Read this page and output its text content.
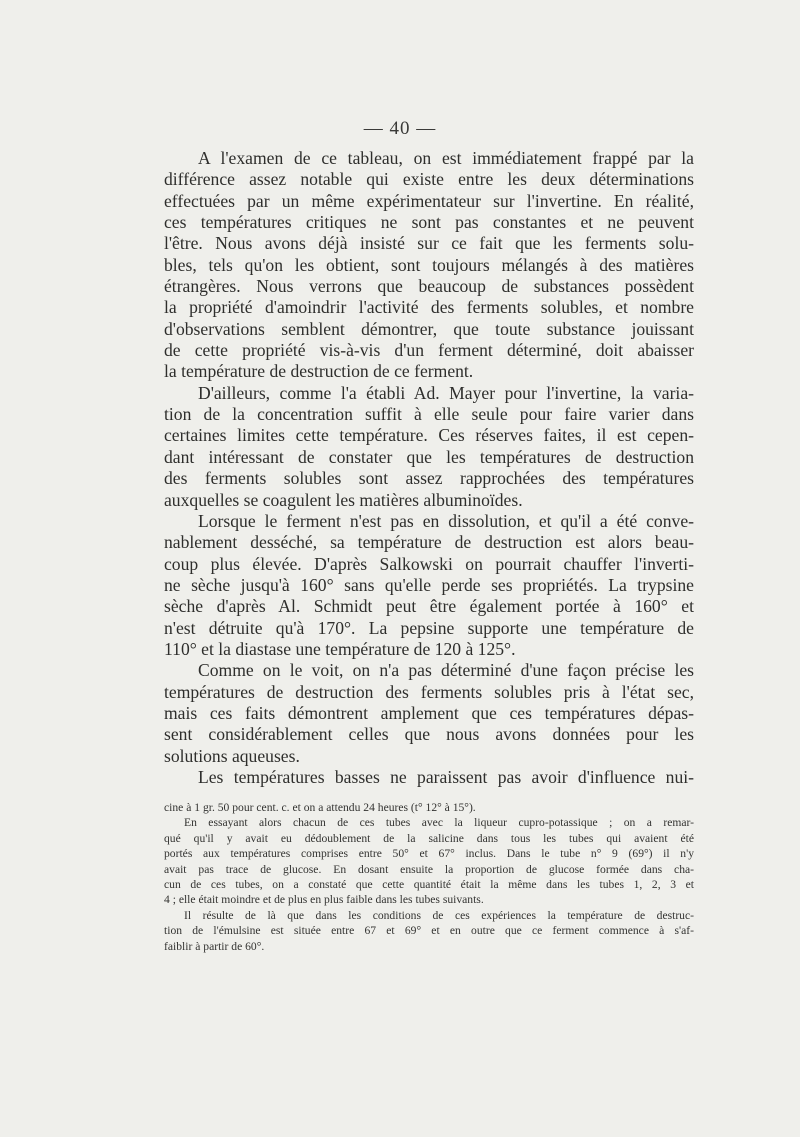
— 40 —
A l'examen de ce tableau, on est immédiatement frappé par la
différence assez notable qui existe entre les deux déterminations
effectuées par un même expérimentateur sur l'invertine. En réalité,
ces températures critiques ne sont pas constantes et ne peuvent
l'être. Nous avons déjà insisté sur ce fait que les ferments solu-
bles, tels qu'on les obtient, sont toujours mélangés à des matières
étrangères. Nous verrons que beaucoup de substances possèdent
la propriété d'amoindrir l'activité des ferments solubles, et nombre
d'observations semblent démontrer, que toute substance jouissant
de cette propriété vis-à-vis d'un ferment déterminé, doit abaisser
la température de destruction de ce ferment.
D'ailleurs, comme l'a établi Ad. Mayer pour l'invertine, la varia-
tion de la concentration suffit à elle seule pour faire varier dans
certaines limites cette température. Ces réserves faites, il est cepen-
dant intéressant de constater que les températures de destruction
des ferments solubles sont assez rapprochées des températures
auxquelles se coagulent les matières albuminoïdes.
Lorsque le ferment n'est pas en dissolution, et qu'il a été conve-
nablement desséché, sa température de destruction est alors beau-
coup plus élevée. D'après Salkowski on pourrait chauffer l'inverti-
ne sèche jusqu'à 160° sans qu'elle perde ses propriétés. La trypsine
sèche d'après Al. Schmidt peut être également portée à 160° et
n'est détruite qu'à 170°. La pepsine supporte une température de
110° et la diastase une température de 120 à 125°.
Comme on le voit, on n'a pas déterminé d'une façon précise les
températures de destruction des ferments solubles pris à l'état sec,
mais ces faits démontrent amplement que ces températures dépas-
sent considérablement celles que nous avons données pour les
solutions aqueuses.
Les températures basses ne paraissent pas avoir d'influence nui-
cine à 1 gr. 50 pour cent. c. et on a attendu 24 heures (t° 12° à 15°).
En essayant alors chacun de ces tubes avec la liqueur cupro-potassique ; on a remar-
qué qu'il y avait eu dédoublement de la salicine dans tous les tubes qui avaient été
portés aux températures comprises entre 50° et 67° inclus. Dans le tube n° 9 (69°) il n'y
avait pas trace de glucose. En dosant ensuite la proportion de glucose formée dans cha-
cun de ces tubes, on a constaté que cette quantité était la même dans les tubes 1, 2, 3 et
4 ; elle était moindre et de plus en plus faible dans les tubes suivants.
Il résulte de là que dans les conditions de ces expériences la température de destruc-
tion de l'émulsine est située entre 67 et 69° et en outre que ce ferment commence à s'af-
faiblir à partir de 60°.
